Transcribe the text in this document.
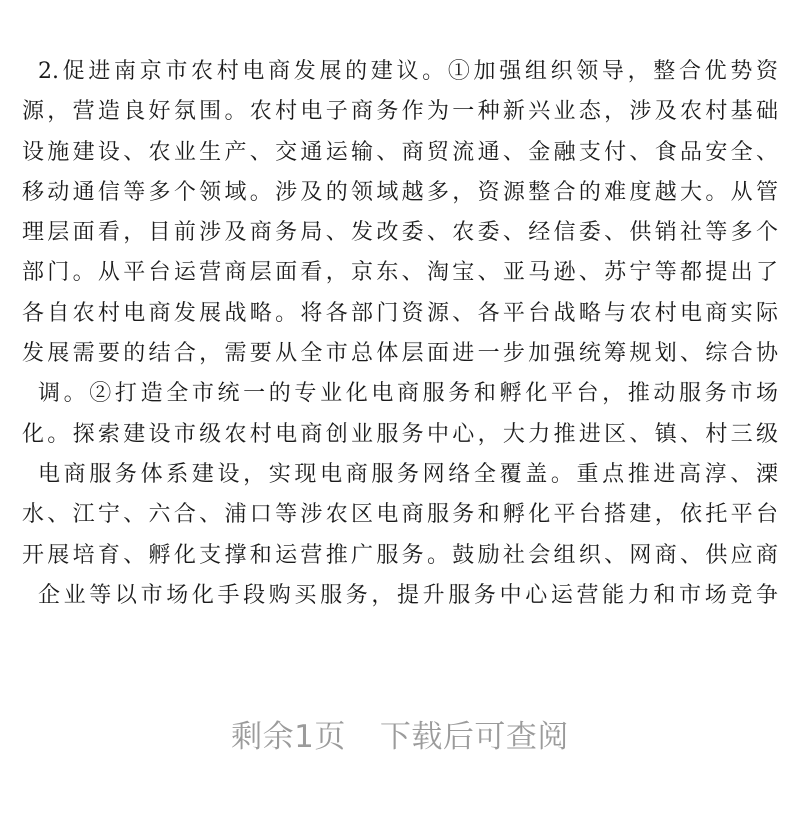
2.促进南京市农村电商发展的建议。①加强组织领导，整合优势资
源，营造良好氛围。农村电子商务作为一种新兴业态，涉及农村基础
设施建设、农业生产、交通运输、商贸流通、金融支付、食品安全、
移动通信等多个领域。涉及的领域越多，资源整合的难度越大。从管
理层面看，目前涉及商务局、发改委、农委、经信委、供销社等多个
部门。从平台运营商层面看，京东、淘宝、亚马逊、苏宁等都提出了
各自农村电商发展战略。将各部门资源、各平台战略与农村电商实际
发展需要的结合，需要从全市总体层面进一步加强统筹规划、综合协
调。②打造全市统一的专业化电商服务和孵化平台，推动服务市场
化。探索建设市级农村电商创业服务中心，大力推进区、镇、村三级
电商服务体系建设，实现电商服务网络全覆盖。重点推进高淳、溧
水、江宁、六合、浦口等涉农区电商服务和孵化平台搭建，依托平台
开展培育、孵化支撑和运营推广服务。鼓励社会组织、网商、供应商
企业等以市场化手段购买服务，提升服务中心运营能力和市场竞争
剩余1页 下载后可查阅
